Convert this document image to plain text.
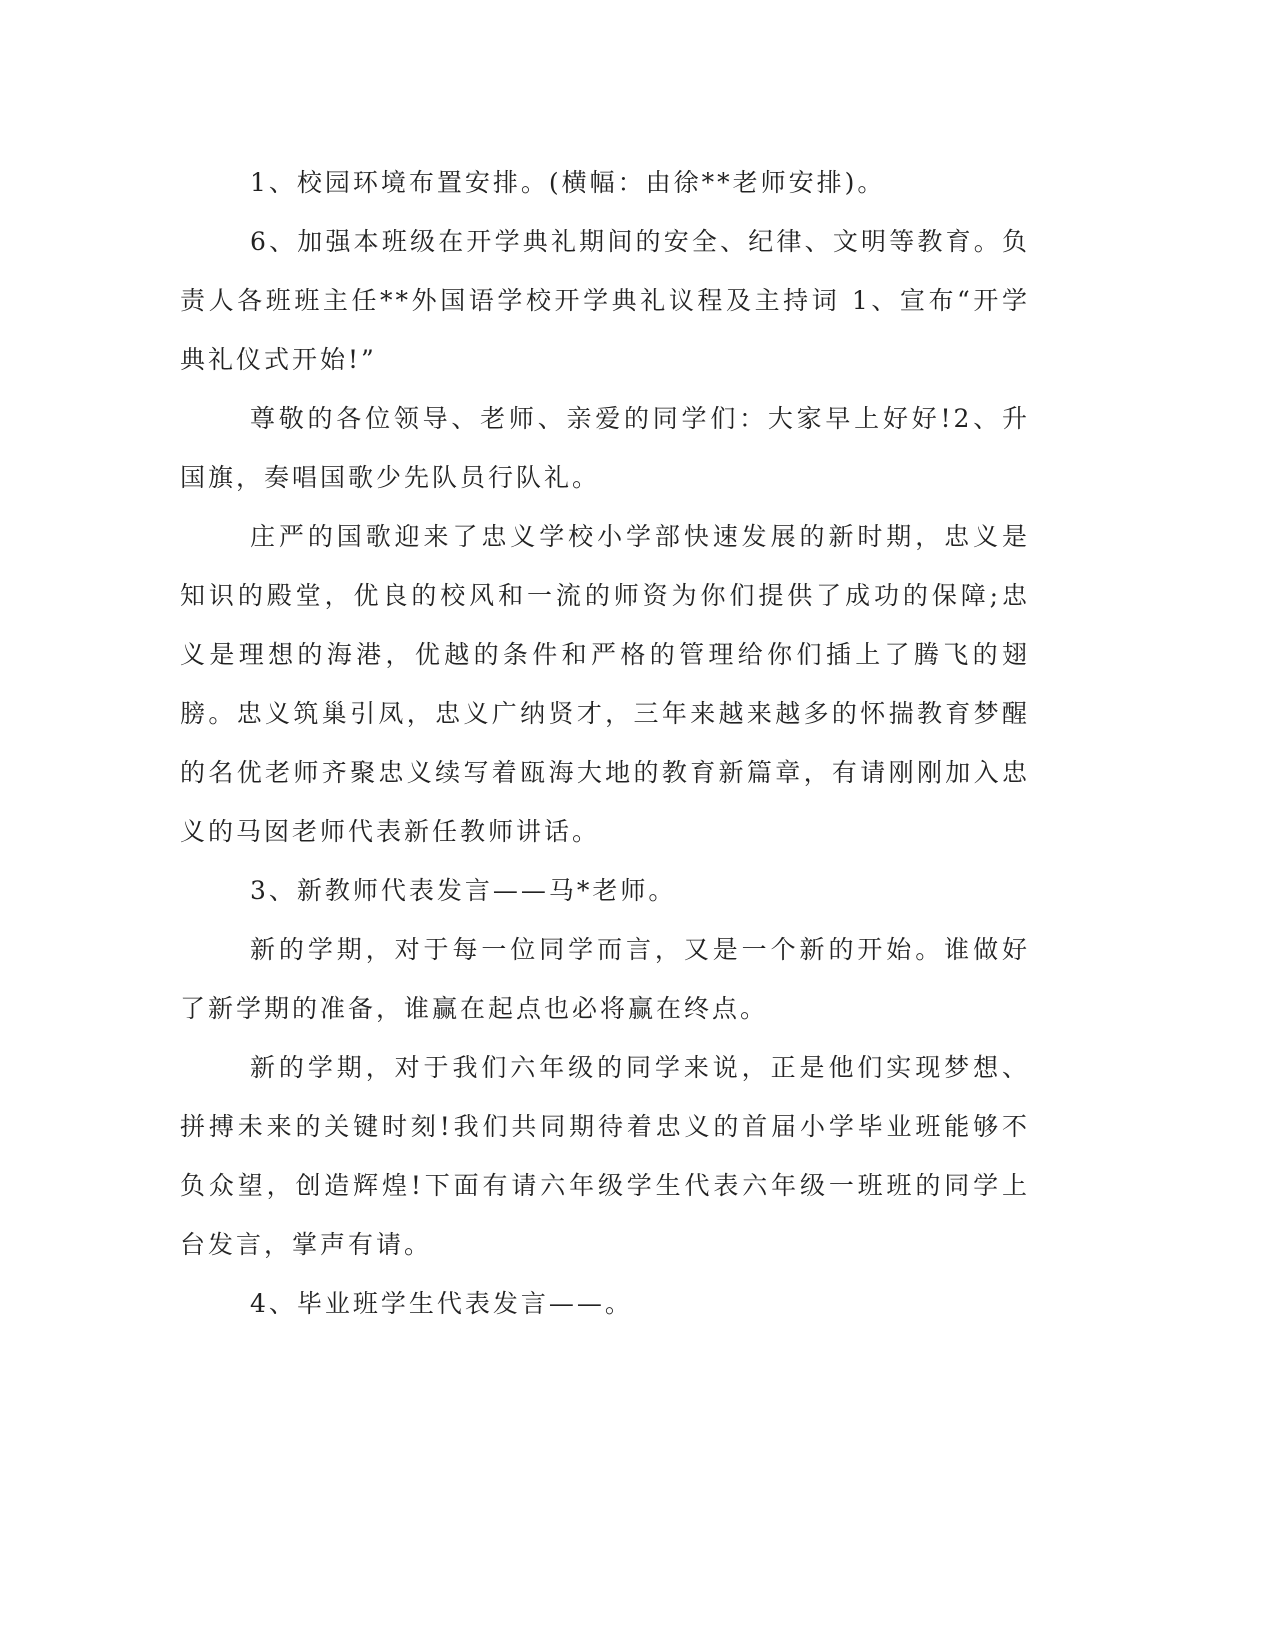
1、校园环境布置安排。(横幅：由徐**老师安排)。

6、加强本班级在开学典礼期间的安全、纪律、文明等教育。负责人各班班主任**外国语学校开学典礼议程及主持词 1、宣布“开学典礼仪式开始!”

尊敬的各位领导、老师、亲爱的同学们：大家早上好好!2、升国旗，奏唱国歌少先队员行队礼。

庄严的国歌迎来了忠义学校小学部快速发展的新时期，忠义是知识的殿堂，优良的校风和一流的师资为你们提供了成功的保障;忠义是理想的海港，优越的条件和严格的管理给你们插上了腾飞的翅膀。忠义筑巢引凤，忠义广纳贤才，三年来越来越多的怀揣教育梦醒的名优老师齐聚忠义续写着瓯海大地的教育新篇章，有请刚刚加入忠义的马囡老师代表新任教师讲话。

3、新教师代表发言——马*老师。

新的学期，对于每一位同学而言，又是一个新的开始。谁做好了新学期的准备，谁赢在起点也必将赢在终点。

新的学期，对于我们六年级的同学来说，正是他们实现梦想、拼搏未来的关键时刻!我们共同期待着忠义的首届小学毕业班能够不负众望，创造辉煌!下面有请六年级学生代表六年级一班班的同学上台发言，掌声有请。

4、毕业班学生代表发言——。
